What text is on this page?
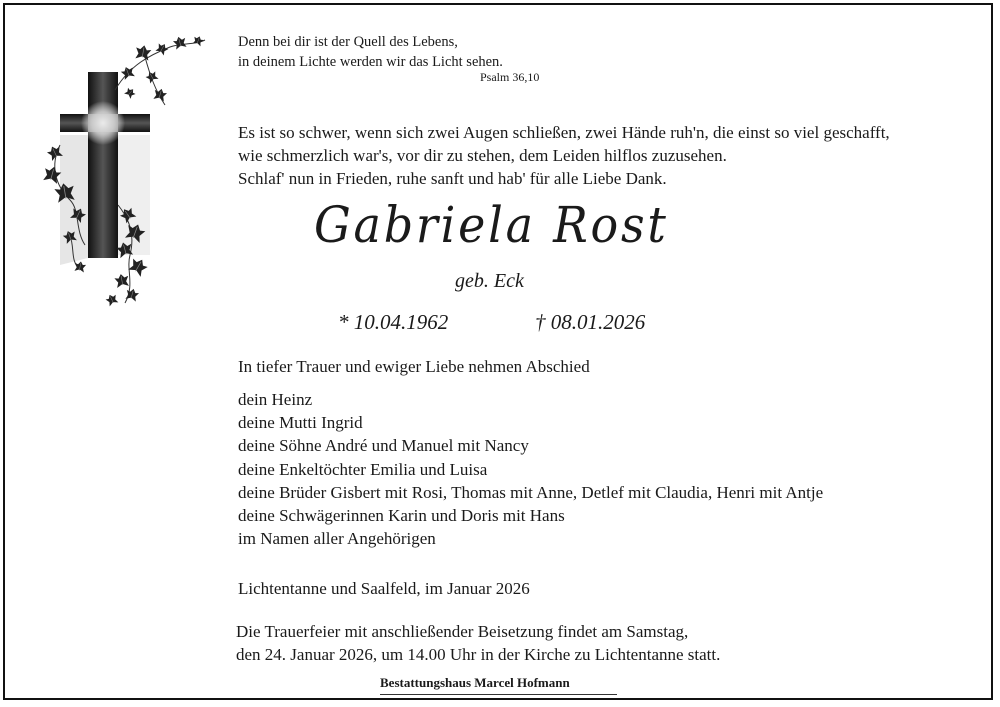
Denn bei dir ist der Quell des Lebens,
in deinem Lichte werden wir das Licht sehen.
Psalm 36,10
Es ist so schwer, wenn sich zwei Augen schließen, zwei Hände ruh'n, die einst so viel geschafft,
wie schmerzlich war's, vor dir zu stehen, dem Leiden hilflos zuzusehen.
Schlaf' nun in Frieden, ruhe sanft und hab' für alle Liebe Dank.
Gabriela Rost
geb. Eck
* 10.04.1962	† 08.01.2026
In tiefer Trauer und ewiger Liebe nehmen Abschied
dein Heinz
deine Mutti Ingrid
deine Söhne André und Manuel mit Nancy
deine Enkeltöchter Emilia und Luisa
deine Brüder Gisbert mit Rosi, Thomas mit Anne, Detlef mit Claudia, Henri mit Antje
deine Schwägerinnen Karin und Doris mit Hans
im Namen aller Angehörigen
Lichtentanne und Saalfeld, im Januar 2026
Die Trauerfeier mit anschließender Beisetzung findet am Samstag,
den 24. Januar 2026, um 14.00 Uhr in der Kirche zu Lichtentanne statt.
Bestattungshaus Marcel Hofmann
